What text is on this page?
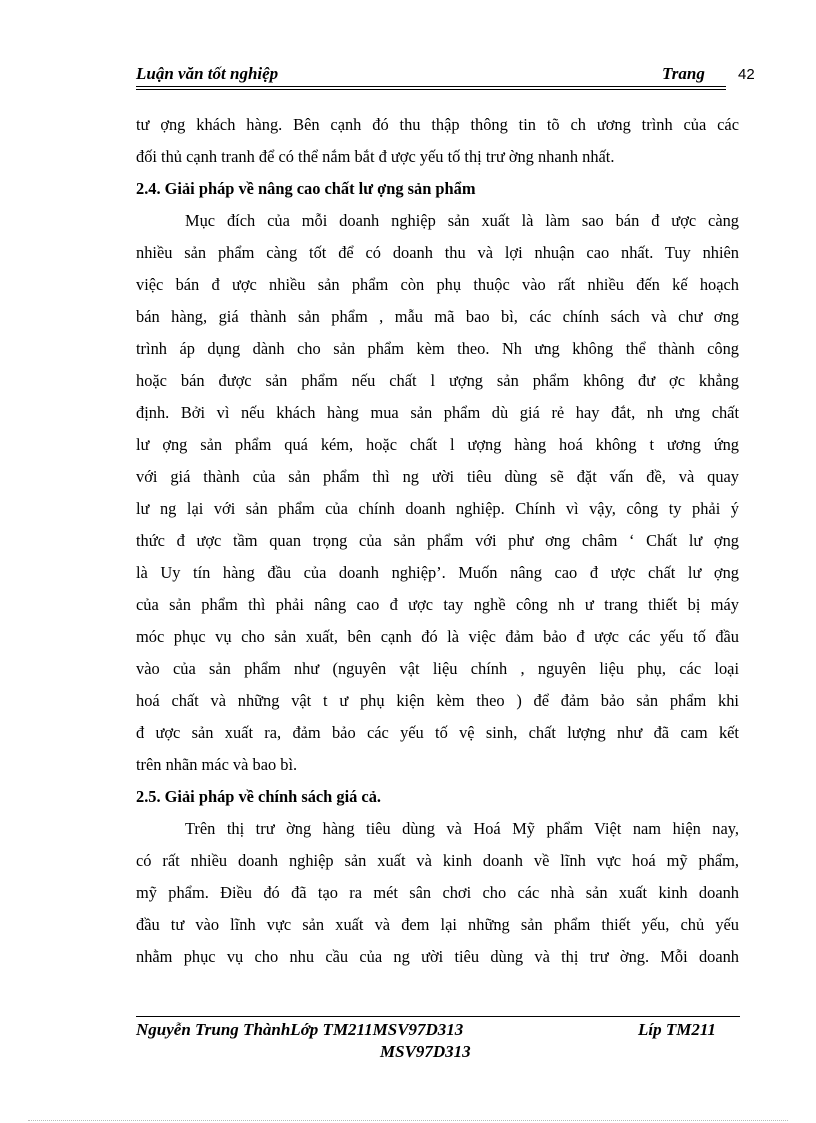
Luận văn tốt nghiệp	Trang 42
tư ợng khách hàng. Bên cạnh đó thu thập thông tin tõ ch ương trình của các
đối thủ cạnh tranh để có thể nắm bắt đ ược yếu tố thị trư ờng nhanh nhất.
2.4. Giải pháp về nâng cao chất lư ợng sản phẩm
Mục đích của mỗi doanh nghiệp sản xuất là làm sao bán đ ược càng
nhiều sản phẩm càng tốt để có doanh thu và lợi nhuận cao nhất. Tuy nhiên
việc bán đ ược nhiều sản phẩm còn phụ thuộc vào rất nhiều đến kế hoạch
bán hàng, giá thành sản phẩm , mẫu mã bao bì, các chính sách và chư ơng
trình áp dụng dành cho sản phẩm kèm theo. Nh ưng không thể thành công
hoặc bán được sản phẩm nếu chất l ượng sản phẩm không đư ợc khẳng
định. Bởi vì nếu khách hàng mua sản phẩm dù giá rẻ hay đắt, nh ưng chất
lư ợng sản phẩm quá kém, hoặc chất l ượng hàng hoá không t ương ứng
với giá thành của sản phẩm thì ng ười tiêu dùng sẽ đặt vấn đề, và quay
lư ng lại với sản phẩm của chính doanh nghiệp. Chính vì vậy, công ty phải ý
thức đ ược tầm quan trọng của sản phẩm với phư ơng châm ‘ Chất lư ợng
là Uy tín hàng đầu của doanh nghiệp’. Muốn nâng cao đ ược chất lư ợng
của sản phẩm thì phải nâng cao đ ược tay nghề công nh ư trang thiết bị máy
móc phục vụ cho sản xuất, bên cạnh đó là việc đảm bảo đ ược các yếu tố đầu
vào của sản phẩm như (nguyên vật liệu chính , nguyên liệu phụ, các loại
hoá chất và những vật t ư phụ kiện kèm theo ) để đảm bảo sản phẩm khi
đ ược sản xuất ra, đảm bảo các yếu tố vệ sinh, chất lượng như đã cam kết
trên nhãn mác và bao bì.
2.5. Giải pháp về chính sách giá cả.
Trên thị trư ờng hàng tiêu dùng và Hoá Mỹ phẩm Việt nam hiện nay,
có rất nhiều doanh nghiệp sản xuất và kinh doanh về lĩnh vực hoá mỹ phẩm,
mỹ phẩm. Điều đó đã tạo ra mét sân chơi cho các nhà sản xuất kinh doanh
đầu tư vào lĩnh vực sản xuất và đem lại những sản phẩm thiết yếu, chủ yếu
nhằm phục vụ cho nhu cầu của ng ười tiêu dùng và thị trư ờng. Mỗi doanh
Nguyễn Trung ThànhLớp TM211MSV97D313	Líp TM211
MSV97D313
